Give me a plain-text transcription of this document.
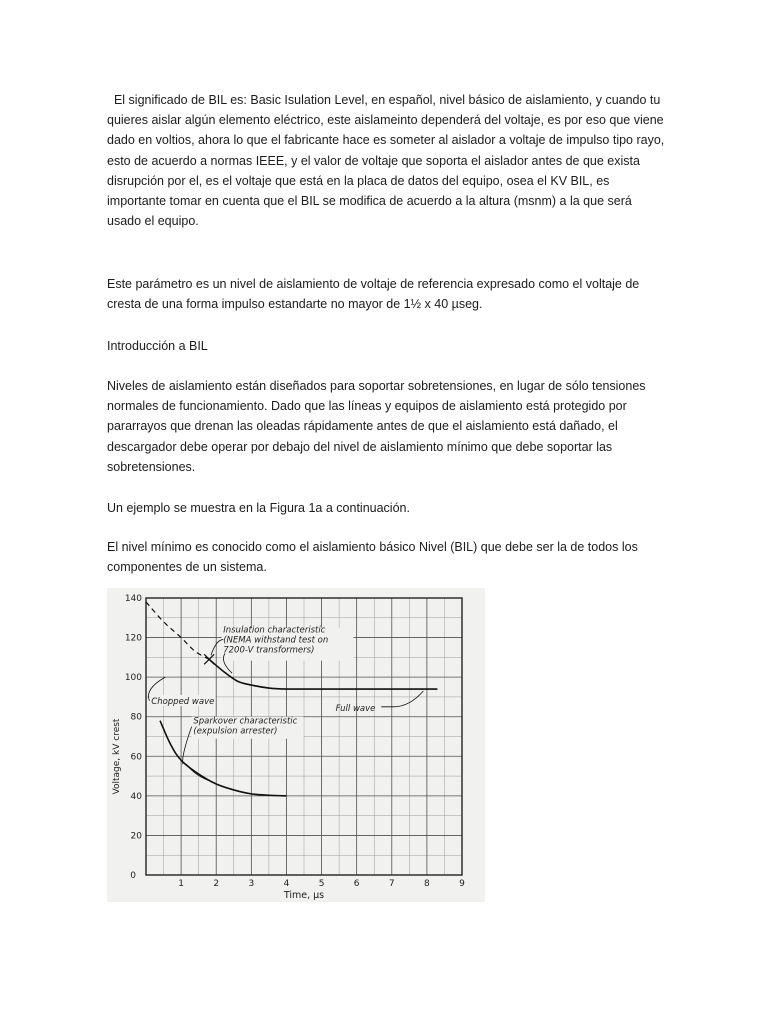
El significado de BIL es: Basic Isulation Level, en español, nivel básico de aislamiento, y cuando tu quieres aislar algún elemento eléctrico, este aislameinto dependerá del voltaje, es por eso que viene dado en voltios, ahora lo que el fabricante hace es someter al aislador a voltaje de impulso tipo rayo, esto de acuerdo a normas IEEE, y el valor de voltaje que soporta el aislador antes de que exista disrupción por el, es el voltaje que está en la placa de datos del equipo, osea el KV BIL, es importante tomar en cuenta que el BIL se modifica de acuerdo a la altura (msnm) a la que será usado el equipo.

Este parámetro es un nivel de aislamiento de voltaje de referencia expresado como el voltaje de cresta de una forma impulso estandarte no mayor de 1½ x 40 µseg.

Introducción a BIL

Niveles de aislamiento están diseñados para soportar sobretensiones, en lugar de sólo tensiones normales de funcionamiento. Dado que las líneas y equipos de aislamiento está protegido por pararrayos que drenan las oleadas rápidamente antes de que el aislamiento está dañado, el descargador debe operar por debajo del nivel de aislamiento mínimo que debe soportar las sobretensiones.

Un ejemplo se muestra en la Figura 1a a continuación.

El nivel mínimo es conocido como el aislamiento básico Nivel (BIL) que debe ser la de todos los componentes de un sistema.

1	2	3	4	5	6	7	8	9
20
40
60
80
100
120
140
0
Insulation characteristic
(NEMA withstand test on
7200-V transformers)
Chopped wave
Full wave
Sparkover characteristic
(expulsion arrester)
Time, µs
Voltage, kV crest
